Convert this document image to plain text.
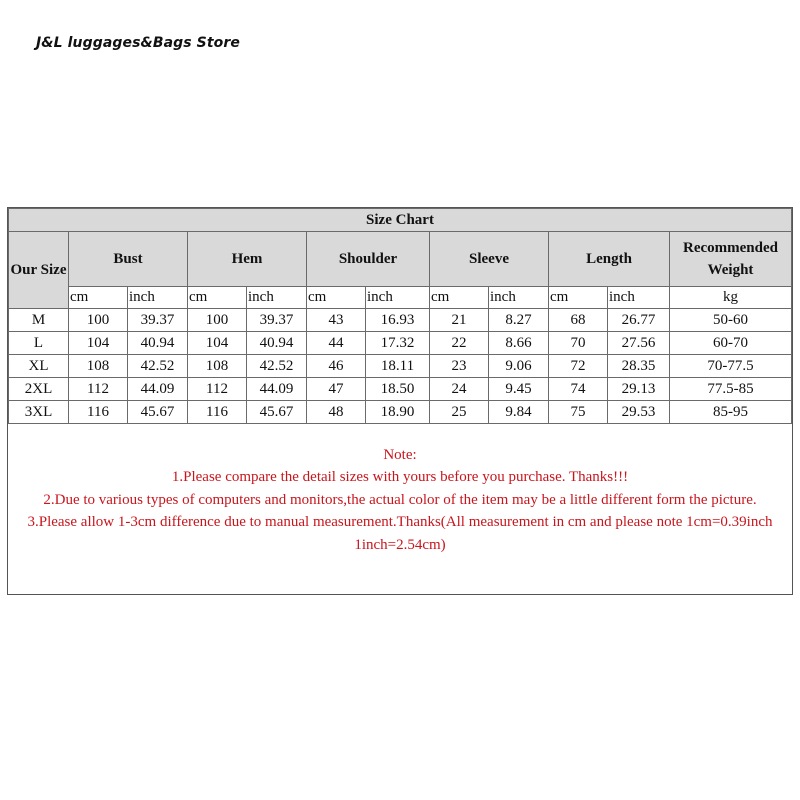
J&L luggages&Bags Store
Size Chart											
Our Size	Bust		Hem		Shoulder		Sleeve		Length		Recommended Weight
	cm	inch	cm	inch	cm	inch	cm	inch	cm	inch	kg
M	100	39.37	100	39.37	43	16.93	21	8.27	68	26.77	50-60
L	104	40.94	104	40.94	44	17.32	22	8.66	70	27.56	60-70
XL	108	42.52	108	42.52	46	18.11	23	9.06	72	28.35	70-77.5
2XL	112	44.09	112	44.09	47	18.50	24	9.45	74	29.13	77.5-85
3XL	116	45.67	116	45.67	48	18.90	25	9.84	75	29.53	85-95
Note:
1.Please compare the detail sizes with yours before you purchase. Thanks!!!
2.Due to various types of computers and monitors,the actual color of the item may be a little different form the picture.
3.Please allow 1-3cm difference due to manual measurement.Thanks(All measurement in cm and please note 1cm=0.39inch 1inch=2.54cm)
